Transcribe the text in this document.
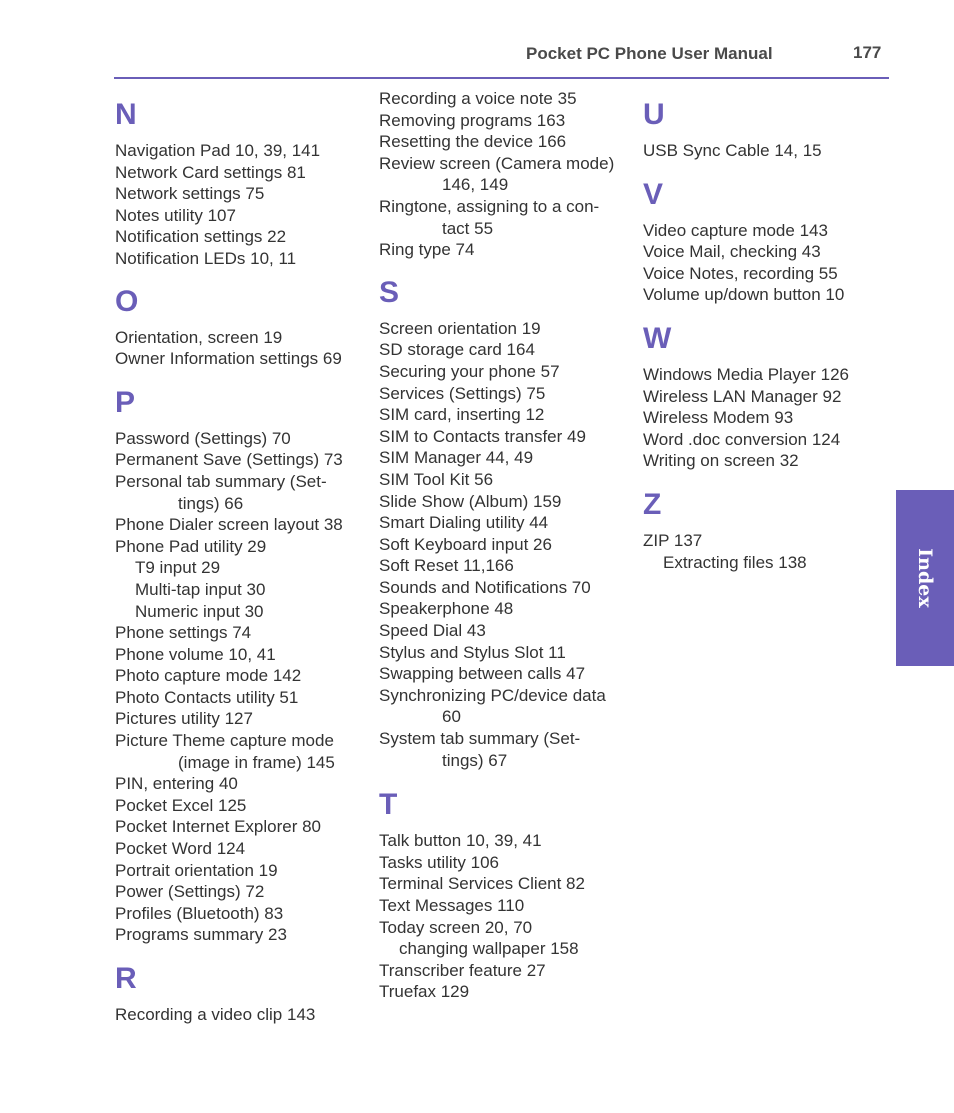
Pocket PC Phone User Manual	177
N
Navigation Pad 10, 39, 141
Network Card settings 81
Network settings 75
Notes utility 107
Notification settings 22
Notification LEDs 10, 11
O
Orientation, screen 19
Owner Information settings 69
P
Password (Settings) 70
Permanent Save (Settings) 73
Personal tab summary (Set-
tings) 66
Phone Dialer screen layout 38
Phone Pad utility 29
T9 input 29
Multi-tap input 30
Numeric input 30
Phone settings 74
Phone volume 10, 41
Photo capture mode 142
Photo Contacts utility 51
Pictures utility 127
Picture Theme capture mode
(image in frame) 145
PIN, entering 40
Pocket Excel 125
Pocket Internet Explorer 80
Pocket Word 124
Portrait orientation 19
Power (Settings) 72
Profiles (Bluetooth) 83
Programs summary 23
R
Recording a video clip 143
Recording a voice note 35
Removing programs 163
Resetting the device 166
Review screen (Camera mode)
146, 149
Ringtone, assigning to a con-
tact 55
Ring type 74
S
Screen orientation 19
SD storage card 164
Securing your phone 57
Services (Settings) 75
SIM card, inserting 12
SIM to Contacts transfer 49
SIM Manager 44, 49
SIM Tool Kit 56
Slide Show (Album) 159
Smart Dialing utility 44
Soft Keyboard input 26
Soft Reset 11,166
Sounds and Notifications 70
Speakerphone 48
Speed Dial 43
Stylus and Stylus Slot 11
Swapping between calls 47
Synchronizing PC/device data
60
System tab summary (Set-
tings) 67
T
Talk button 10, 39, 41
Tasks utility 106
Terminal Services Client 82
Text Messages 110
Today screen 20, 70
changing wallpaper 158
Transcriber feature 27
Truefax 129
U
USB Sync Cable 14, 15
V
Video capture mode 143
Voice Mail, checking 43
Voice Notes, recording 55
Volume up/down button 10
W
Windows Media Player 126
Wireless LAN Manager 92
Wireless Modem 93
Word .doc conversion 124
Writing on screen 32
Z
ZIP 137
Extracting files 138	Index
